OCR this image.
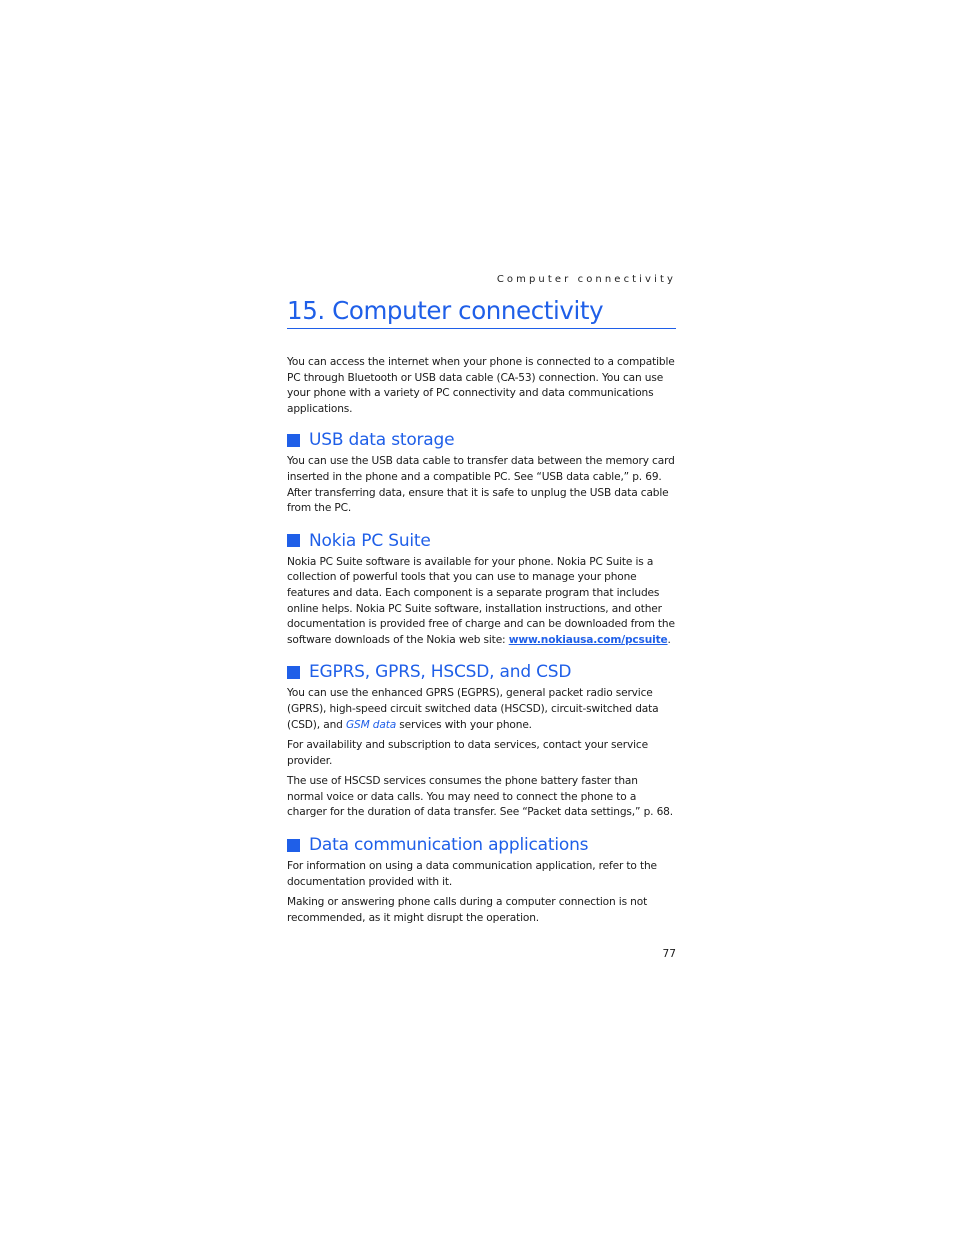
Computer connectivity
15. Computer connectivity

You can access the internet when your phone is connected to a compatible PC through Bluetooth or USB data cable (CA-53) connection. You can use your phone with a variety of PC connectivity and data communications applications.

USB data storage

You can use the USB data cable to transfer data between the memory card inserted in the phone and a compatible PC. See “USB data cable,” p. 69. After transferring data, ensure that it is safe to unplug the USB data cable from the PC.

Nokia PC Suite

Nokia PC Suite software is available for your phone. Nokia PC Suite is a collection of powerful tools that you can use to manage your phone features and data. Each component is a separate program that includes online helps. Nokia PC Suite software, installation instructions, and other documentation is provided free of charge and can be downloaded from the software downloads of the Nokia web site: www.nokiausa.com/pcsuite.

EGPRS, GPRS, HSCSD, and CSD

You can use the enhanced GPRS (EGPRS), general packet radio service (GPRS), high-speed circuit switched data (HSCSD), circuit-switched data (CSD), and GSM data services with your phone.

For availability and subscription to data services, contact your service provider.

The use of HSCSD services consumes the phone battery faster than normal voice or data calls. You may need to connect the phone to a charger for the duration of data transfer. See “Packet data settings,” p. 68.

Data communication applications

For information on using a data communication application, refer to the documentation provided with it.

Making or answering phone calls during a computer connection is not recommended, as it might disrupt the operation.

77
